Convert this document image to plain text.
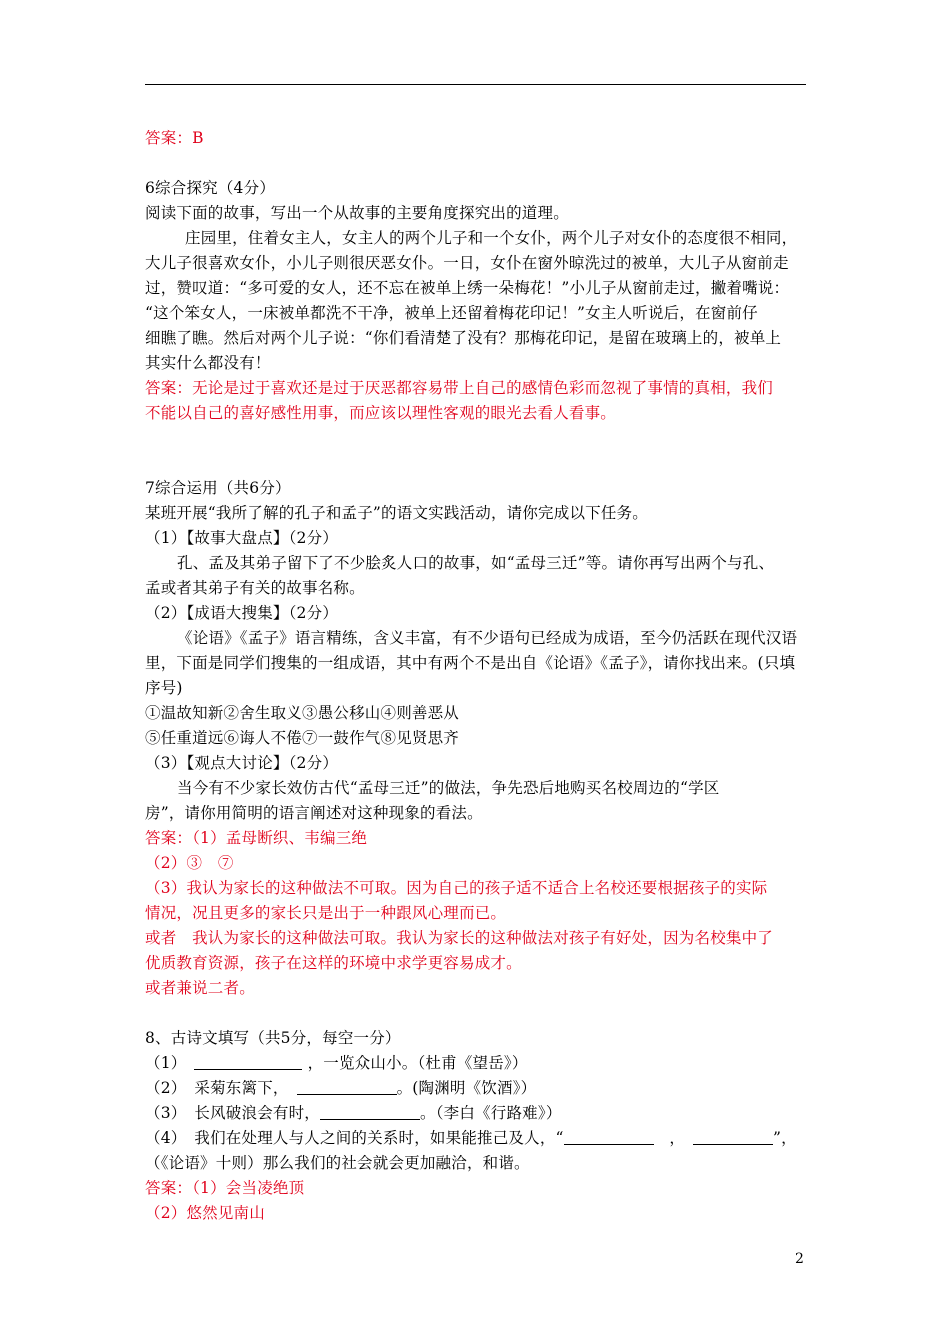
答案：B
6综合探究（4分）
阅读下面的故事，写出一个从故事的主要角度探究出的道理。
庄园里，住着女主人，女主人的两个儿子和一个女仆，两个儿子对女仆的态度很不相同，
大儿子很喜欢女仆，小儿子则很厌恶女仆。一日，女仆在窗外晾洗过的被单，大儿子从窗前走
过，赞叹道：“多可爱的女人，还不忘在被单上绣一朵梅花！”小儿子从窗前走过，撇着嘴说：
“这个笨女人，一床被单都洗不干净，被单上还留着梅花印记！”女主人听说后，在窗前仔
细瞧了瞧。然后对两个儿子说：“你们看清楚了没有？那梅花印记，是留在玻璃上的，被单上
其实什么都没有！
答案：无论是过于喜欢还是过于厌恶都容易带上自己的感情色彩而忽视了事情的真相，我们
不能以自己的喜好感性用事，而应该以理性客观的眼光去看人看事。
7综合运用（共6分）
某班开展“我所了解的孔子和孟子”的语文实践活动，请你完成以下任务。
（1）【故事大盘点】（2分）
孔、孟及其弟子留下了不少脍炙人口的故事，如“孟母三迁”等。请你再写出两个与孔、
孟或者其弟子有关的故事名称。
（2）【成语大搜集】（2分）
《论语》《孟子》语言精练，含义丰富，有不少语句已经成为成语，至今仍活跃在现代汉语
里，下面是同学们搜集的一组成语，其中有两个不是出自《论语》《孟子》，请你找出来。(只填
序号)
①温故知新②舍生取义③愚公移山④则善恶从
⑤任重道远⑥诲人不倦⑦一鼓作气⑧见贤思齐
（3）【观点大讨论】（2分）
当今有不少家长效仿古代“孟母三迁”的做法，争先恐后地购买名校周边的“学区
房”，请你用简明的语言阐述对这种现象的看法。
答案：（1）孟母断织、韦编三绝
（2）③　⑦
（3）我认为家长的这种做法不可取。因为自己的孩子适不适合上名校还要根据孩子的实际
情况，况且更多的家长只是出于一种跟风心理而已。
或者　我认为家长的这种做法可取。我认为家长的这种做法对孩子有好处，因为名校集中了
优质教育资源，孩子在这样的环境中求学更容易成才。
或者兼说二者。
8、古诗文填写（共5分，每空一分）
（1）　	，一览众山小。（杜甫《望岳》）
（2）　采菊东篱下，　	。(陶渊明《饮酒》）
（3）　长风破浪会有时，	。（李白《行路难》）
（4）　我们在处理人与人之间的关系时，如果能推己及人，“	　，　	”，
（《论语》十则）那么我们的社会就会更加融洽，和谐。
答案：（1）会当凌绝顶
（2）悠然见南山
2
